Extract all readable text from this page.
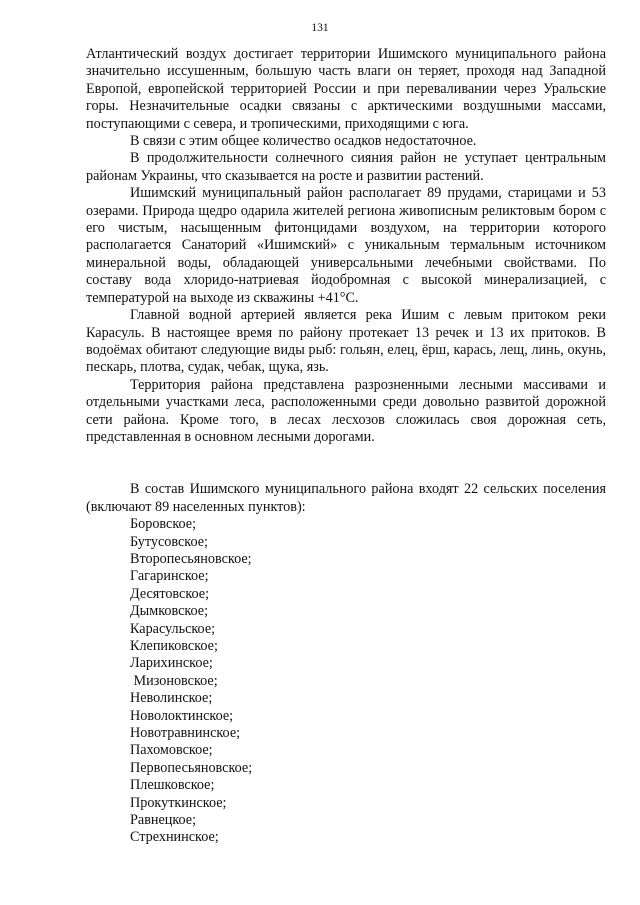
131

Атлантический воздух достигает территории Ишимского муниципального района значительно иссушенным, большую часть влаги он теряет, проходя над Западной Европой, европейской территорией России и при переваливании через Уральские горы. Незначительные осадки связаны с арктическими воздушными массами, поступающими с севера, и тропическими, приходящими с юга.

В связи с этим общее количество осадков недостаточное.

В продолжительности солнечного сияния район не уступает центральным районам Украины, что сказывается на росте и развитии растений.

Ишимский муниципальный район располагает 89 прудами, старицами и 53 озерами. Природа щедро одарила жителей региона живописным реликтовым бором с его чистым, насыщенным фитонцидами воздухом, на территории которого располагается Санаторий «Ишимский» с уникальным термальным источником минеральной воды, обладающей универсальными лечебными свойствами. По составу вода хлоридо-натриевая йодобромная с высокой минерализацией, с температурой на выходе из скважины +41°С.

Главной водной артерией является река Ишим с левым притоком реки Карасуль. В настоящее время по району протекает 13 речек и 13 их притоков. В водоёмах обитают следующие виды рыб: гольян, елец, ёрш, карась, лещ, линь, окунь, пескарь, плотва, судак, чебак, щука, язь.

Территория района представлена разрозненными лесными массивами и отдельными участками леса, расположенными среди довольно развитой дорожной сети района. Кроме того, в лесах лесхозов сложилась своя дорожная сеть, представленная в основном лесными дорогами.

В состав Ишимского муниципального района входят 22 сельских поселения (включают 89 населенных пунктов):

Боровское;
Бутусовское;
Второпесьяновское;
Гагаринское;
Десятовское;
Дымковское;
Карасульское;
Клепиковское;
Ларихинское;
Мизоновское;
Неволинское;
Новолоктинское;
Новотравнинское;
Пахомовское;
Первопесьяновское;
Плешковское;
Прокуткинское;
Равнецкое;
Стрехнинское;
